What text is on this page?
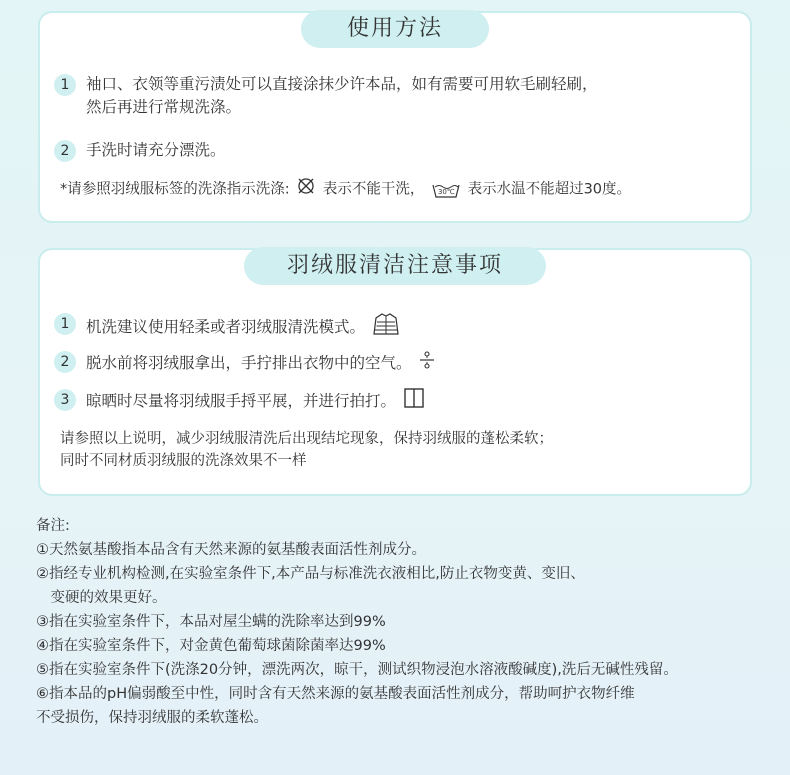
使用方法
1	袖口、衣领等重污渍处可以直接涂抹少许本品，如有需要可用软毛刷轻刷，
然后再进行常规洗涤。
2	手洗时请充分漂洗。
*请参照羽绒服标签的洗涤指示洗涤: 表示不能干洗， 30℃ 表示水温不能超过30度。
羽绒服清洁注意事项
1	机洗建议使用轻柔或者羽绒服清洗模式。
2	脱水前将羽绒服拿出，手拧排出衣物中的空气。
3	晾晒时尽量将羽绒服手捋平展，并进行拍打。
请参照以上说明，减少羽绒服清洗后出现结坨现象，保持羽绒服的蓬松柔软；
同时不同材质羽绒服的洗涤效果不一样
备注:
①天然氨基酸指本品含有天然来源的氨基酸表面活性剂成分。
②指经专业机构检测,在实验室条件下,本产品与标准洗衣液相比,防止衣物变黄、变旧、
　变硬的效果更好。
③指在实验室条件下，本品对屋尘螨的洗除率达到99%
④指在实验室条件下，对金黄色葡萄球菌除菌率达99%
⑤指在实验室条件下(洗涤20分钟，漂洗两次，晾干，测试织物浸泡水溶液酸碱度),洗后无碱性残留。
⑥指本品的pH偏弱酸至中性，同时含有天然来源的氨基酸表面活性剂成分，帮助呵护衣物纤维
不受损伤，保持羽绒服的柔软蓬松。
